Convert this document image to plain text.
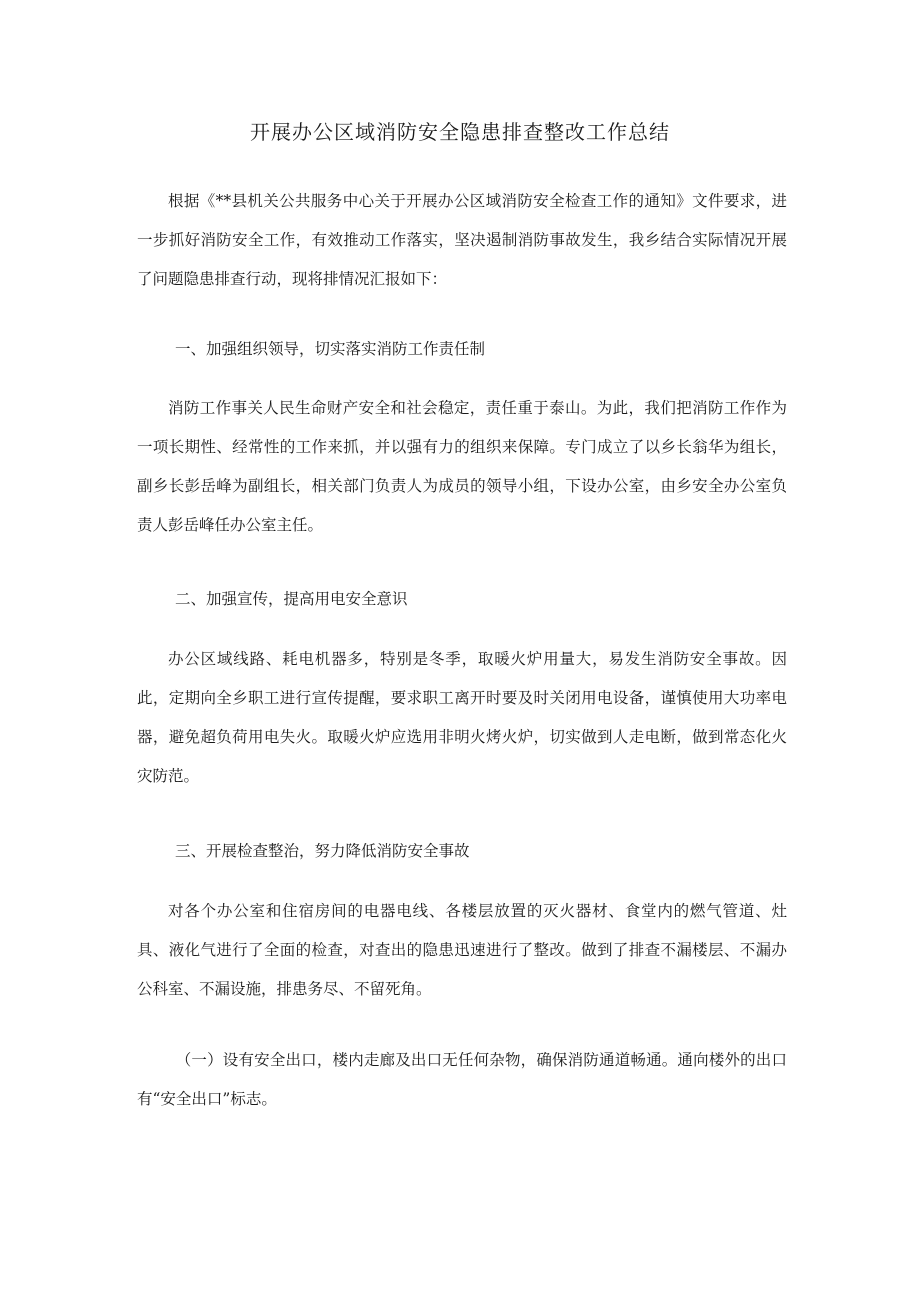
开展办公区域消防安全隐患排查整改工作总结
根据《**县机关公共服务中心关于开展办公区域消防安全检查工作的通知》文件要求，进一步抓好消防安全工作，有效推动工作落实，坚决遏制消防事故发生，我乡结合实际情况开展了问题隐患排查行动，现将排情况汇报如下：
一、加强组织领导，切实落实消防工作责任制
消防工作事关人民生命财产安全和社会稳定，责任重于泰山。为此，我们把消防工作作为一项长期性、经常性的工作来抓，并以强有力的组织来保障。专门成立了以乡长翁华为组长，副乡长彭岳峰为副组长，相关部门负责人为成员的领导小组，下设办公室，由乡安全办公室负责人彭岳峰任办公室主任。
二、加强宣传，提高用电安全意识
办公区域线路、耗电机器多，特别是冬季，取暖火炉用量大，易发生消防安全事故。因此，定期向全乡职工进行宣传提醒，要求职工离开时要及时关闭用电设备，谨慎使用大功率电器，避免超负荷用电失火。取暖火炉应选用非明火烤火炉，切实做到人走电断，做到常态化火灾防范。
三、开展检查整治，努力降低消防安全事故
对各个办公室和住宿房间的电器电线、各楼层放置的灭火器材、食堂内的燃气管道、灶具、液化气进行了全面的检查，对查出的隐患迅速进行了整改。做到了排查不漏楼层、不漏办公科室、不漏设施，排患务尽、不留死角。
（一）设有安全出口，楼内走廊及出口无任何杂物，确保消防通道畅通。通向楼外的出口有“安全出口”标志。
